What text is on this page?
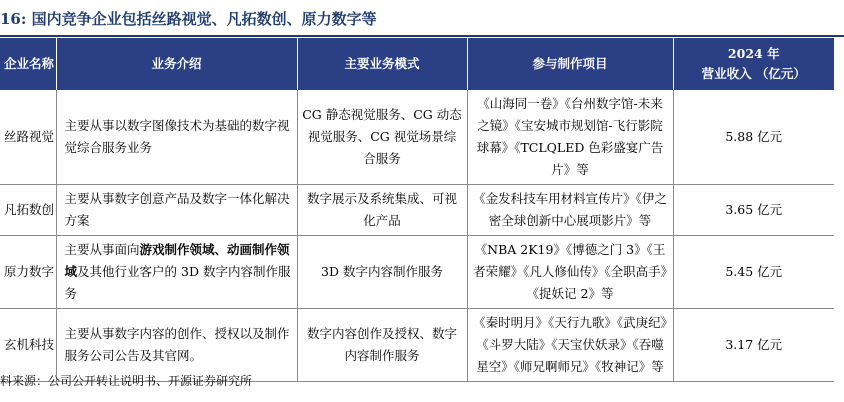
16: 国内竞争企业包括丝路视觉、凡拓数创、原力数字等
企业名称	业务介绍	主要业务模式	参与制作项目	2024 年
营业收入 （亿元）

丝路视觉	主要从事以数字图像技术为基础的数字视觉综合服务业务	CG 静态视觉服务、CG 动态视觉服务、CG 视觉场景综合服务	《山海同一卷》《台州数字馆-未来之镜》《宝安城市规划馆-飞行影院球幕》《TCLQLED 色彩盛宴广告片》等	5.88 亿元
凡拓数创	主要从事数字创意产品及数字一体化解决方案	数字展示及系统集成、可视化产品	《金发科技车用材料宣传片》《伊之密全球创新中心展项影片》等	3.65 亿元
原力数字	主要从事面向游戏制作领域、动画制作领域及其他行业客户的 3D 数字内容制作服务	3D 数字内容制作服务	《NBA 2K19》《博德之门 3》《王者荣耀》《凡人修仙传》《全职高手》《捉妖记 2》等	5.45 亿元
玄机科技	主要从事数字内容的创作、授权以及制作服务公司公告及其官网。	数字内容创作及授权、数字内容制作服务	《秦时明月》《天行九歌》《武庚纪》《斗罗大陆》《天宝伏妖录》《吞噬星空》《师兄啊师兄》《牧神记》等	3.17 亿元
料来源：公司公开转让说明书、开源证券研究所
